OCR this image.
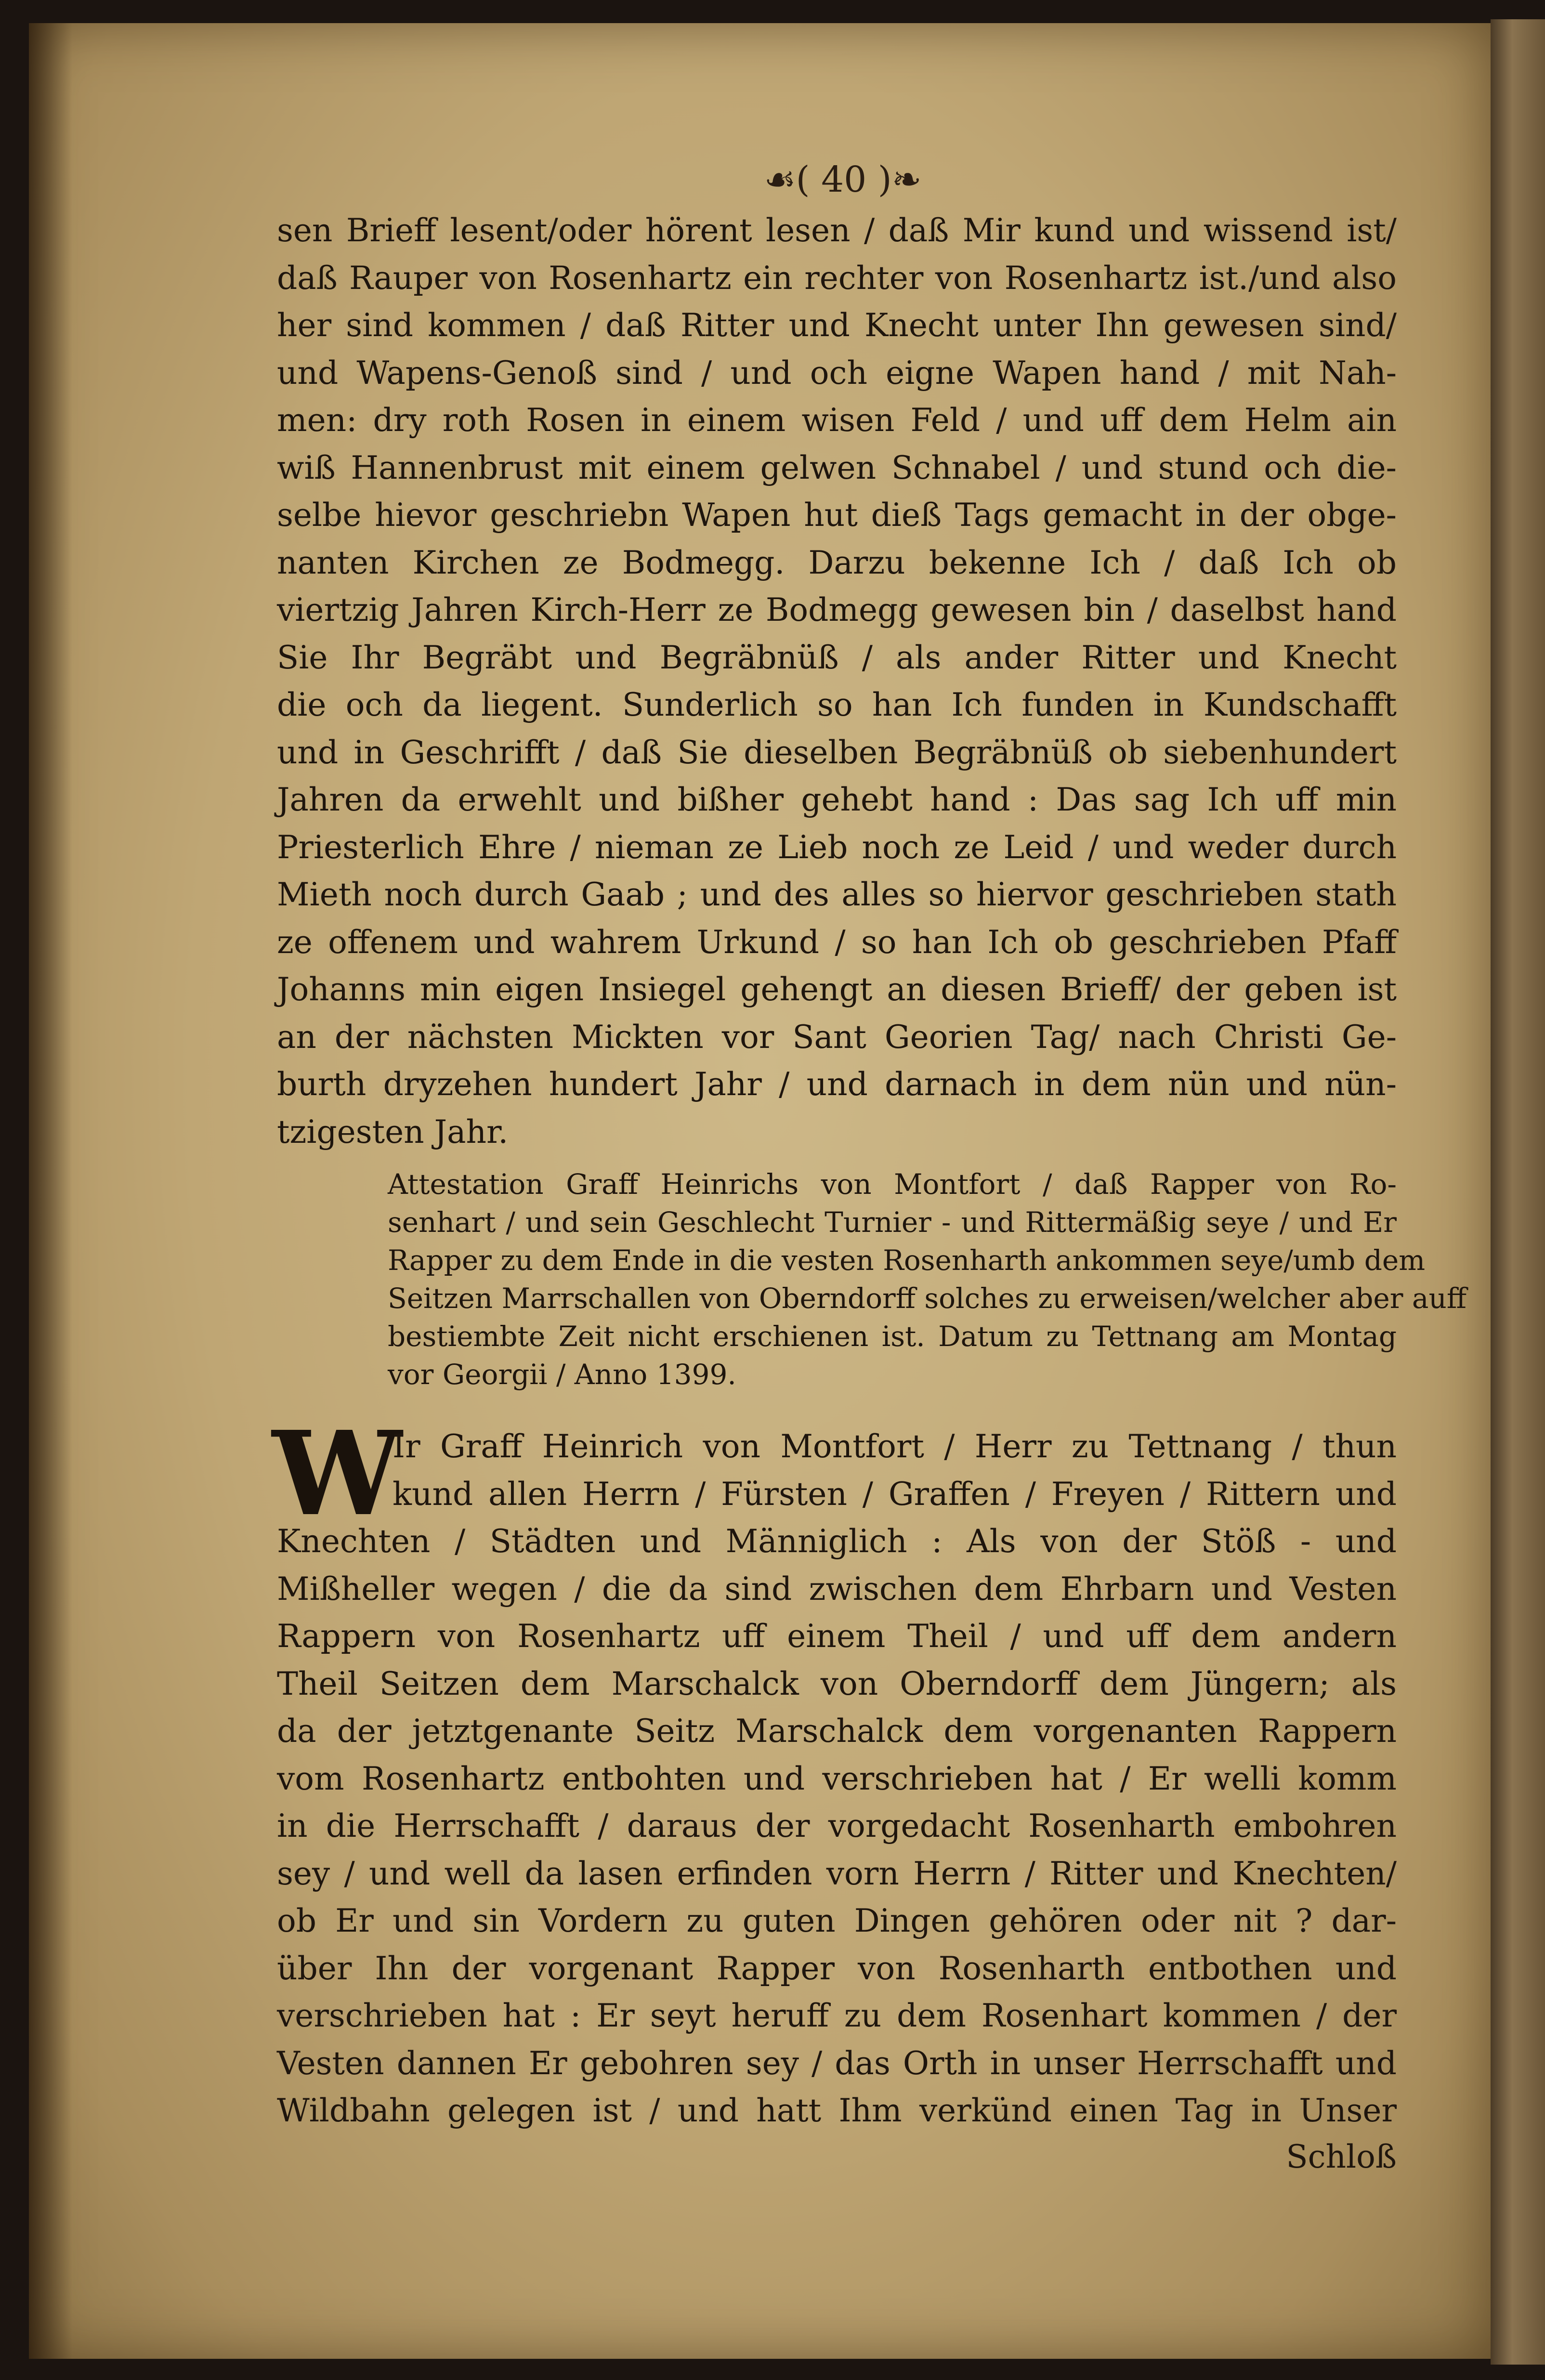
☙( 40 )❧
sen Brieff lesent/oder hörent lesen / daß Mir kund und wissend ist/
daß Rauper von Rosenhartz ein rechter von Rosenhartz ist./und also
her sind kommen / daß Ritter und Knecht unter Ihn gewesen sind/
und Wapens-Genoß sind / und och eigne Wapen hand / mit Nah-
men: dry roth Rosen in einem wisen Feld / und uff dem Helm ain
wiß Hannenbrust mit einem gelwen Schnabel / und stund och die-
selbe hievor geschriebn Wapen hut dieß Tags gemacht in der obge-
nanten Kirchen ze Bodmegg. Darzu bekenne Ich / daß Ich ob
viertzig Jahren Kirch-Herr ze Bodmegg gewesen bin / daselbst hand
Sie Ihr Begräbt und Begräbnüß / als ander Ritter und Knecht
die och da liegent. Sunderlich so han Ich funden in Kundschafft
und in Geschrifft / daß Sie dieselben Begräbnüß ob siebenhundert
Jahren da erwehlt und bißher gehebt hand : Das sag Ich uff min
Priesterlich Ehre / nieman ze Lieb noch ze Leid / und weder durch
Mieth noch durch Gaab ; und des alles so hiervor geschrieben stath
ze offenem und wahrem Urkund / so han Ich ob geschrieben Pfaff
Johanns min eigen Insiegel gehengt an diesen Brieff/ der geben ist
an der nächsten Mickten vor Sant Georien Tag/ nach Christi Ge-
burth dryzehen hundert Jahr / und darnach in dem nün und nün-
tzigesten Jahr.
Attestation Graff Heinrichs von Montfort / daß Rapper von Ro-
senhart / und sein Geschlecht Turnier - und Rittermäßig seye / und Er
Rapper zu dem Ende in die vesten Rosenharth ankommen seye/umb dem
Seitzen Marrschallen von Oberndorff solches zu erweisen/welcher aber auff
bestiembte Zeit nicht erschienen ist. Datum zu Tettnang am Montag
vor Georgii / Anno 1399.
W
Ir Graff Heinrich von Montfort / Herr zu Tettnang / thun
kund allen Herrn / Fürsten / Graffen / Freyen / Rittern und
Knechten / Städten und Männiglich : Als von der Stöß - und
Mißheller wegen / die da sind zwischen dem Ehrbarn und Vesten
Rappern von Rosenhartz uff einem Theil / und uff dem andern
Theil Seitzen dem Marschalck von Oberndorff dem Jüngern; als
da der jetztgenante Seitz Marschalck dem vorgenanten Rappern
vom Rosenhartz entbohten und verschrieben hat / Er welli komm
in die Herrschafft / daraus der vorgedacht Rosenharth embohren
sey / und well da lasen erfinden vorn Herrn / Ritter und Knechten/
ob Er und sin Vordern zu guten Dingen gehören oder nit ? dar-
über Ihn der vorgenant Rapper von Rosenharth entbothen und
verschrieben hat : Er seyt heruff zu dem Rosenhart kommen / der
Vesten dannen Er gebohren sey / das Orth in unser Herrschafft und
Wildbahn gelegen ist / und hatt Ihm verkünd einen Tag in Unser
Schloß
